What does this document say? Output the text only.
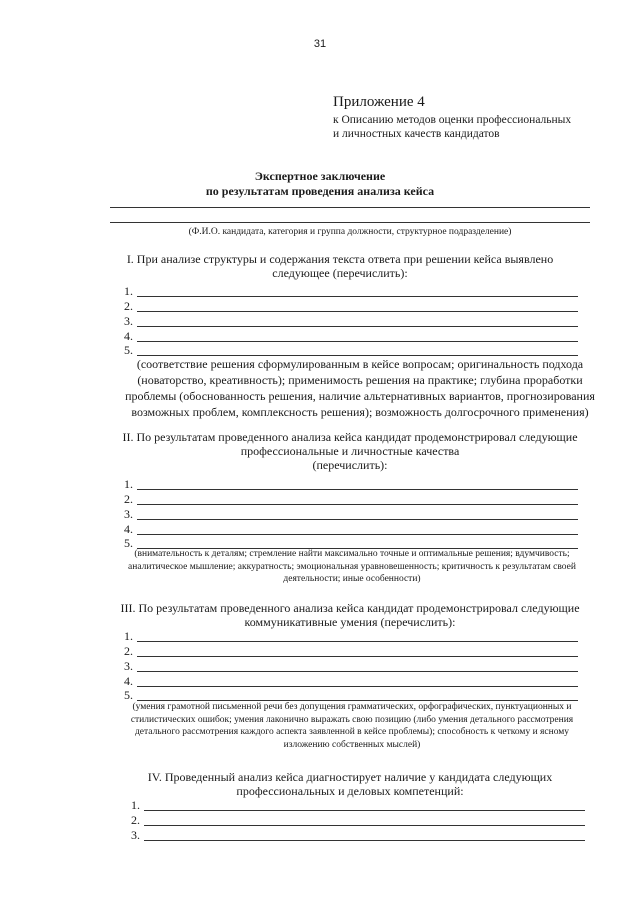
31
Приложение 4
к Описанию методов оценки профессиональных
и личностных качеств кандидатов
Экспертное заключение
по результатам проведения анализа кейса
(Ф.И.О. кандидата, категория и группа должности, структурное подразделение)
I. При анализе структуры и содержания текста ответа при решении кейса выявлено
следующее (перечислить):
1.
2.
3.
4.
5.
(соответствие решения сформулированным в кейсе вопросам; оригинальность подхода
(новаторство, креативность); применимость решения на практике; глубина проработки
проблемы (обоснованность решения, наличие альтернативных вариантов, прогнозирования
возможных проблем, комплексность решения); возможность долгосрочного применения)
II. По результатам проведенного анализа кейса кандидат продемонстрировал следующие
профессиональные и личностные качества
(перечислить):
1.
2.
3.
4.
5.
(внимательность к деталям; стремление найти максимально точные и оптимальные решения; вдумчивость;
аналитическое мышление; аккуратность; эмоциональная уравновешенность; критичность к результатам своей
деятельности; иные особенности)
III. По результатам проведенного анализа кейса кандидат продемонстрировал следующие
коммуникативные умения (перечислить):
1.
2.
3.
4.
5.
(умения грамотной письменной речи без допущения грамматических, орфографических, пунктуационных и
стилистических ошибок; умения лаконично выражать свою позицию (либо умения детального рассмотрения
детального рассмотрения каждого аспекта заявленной в кейсе проблемы); способность к четкому и ясному
изложению собственных мыслей)
IV. Проведенный анализ кейса диагностирует наличие у кандидата следующих
профессиональных и деловых компетенций:
1.
2.
3.
